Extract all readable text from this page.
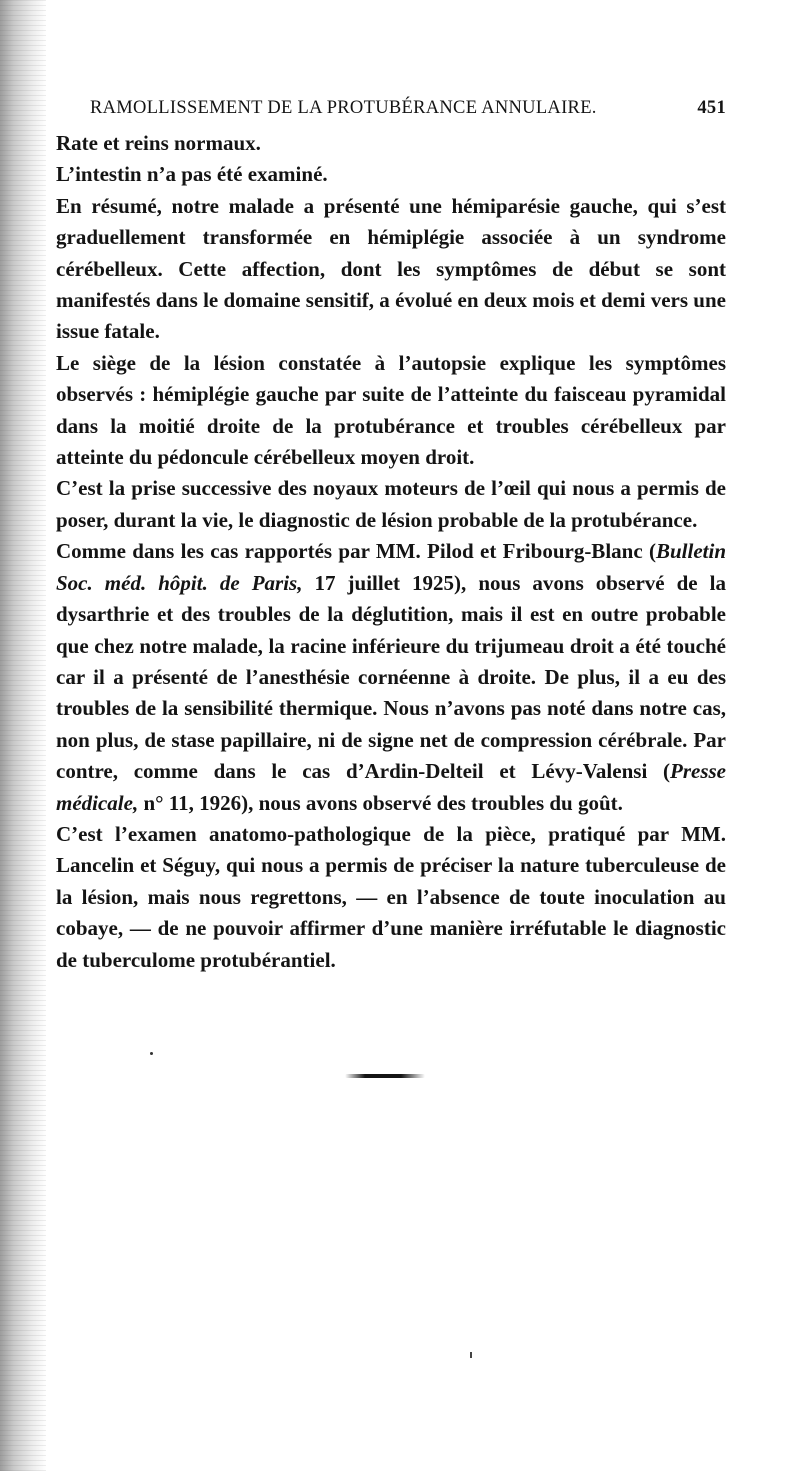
RAMOLLISSEMENT DE LA PROTUBÉRANCE ANNULAIRE.	451

Rate et reins normaux.

L’intestin n’a pas été examiné.

En résumé, notre malade a présenté une hémiparésie gauche, qui s’est graduellement transformée en hémiplégie associée à un syndrome cérébelleux. Cette affection, dont les symptômes de début se sont manifestés dans le domaine sensitif, a évolué en deux mois et demi vers une issue fatale.

Le siège de la lésion constatée à l’autopsie explique les symptômes observés : hémiplégie gauche par suite de l’atteinte du faisceau pyramidal dans la moitié droite de la protubérance et troubles cérébelleux par atteinte du pédoncule cérébelleux moyen droit.

C’est la prise successive des noyaux moteurs de l’œil qui nous a permis de poser, durant la vie, le diagnostic de lésion probable de la protubérance.

Comme dans les cas rapportés par MM. Pilod et Fribourg-Blanc (Bulletin Soc. méd. hôpit. de Paris, 17 juillet 1925), nous avons observé de la dysarthrie et des troubles de la déglutition, mais il est en outre probable que chez notre malade, la racine inférieure du trijumeau droit a été touché car il a présenté de l’anesthésie cornéenne à droite. De plus, il a eu des troubles de la sensibilité thermique. Nous n’avons pas noté dans notre cas, non plus, de stase papillaire, ni de signe net de compression cérébrale. Par contre, comme dans le cas d’Ardin-Delteil et Lévy-Valensi (Presse médicale, n° 11, 1926), nous avons observé des troubles du goût.

C’est l’examen anatomo-pathologique de la pièce, pratiqué par MM. Lancelin et Séguy, qui nous a permis de préciser la nature tuberculeuse de la lésion, mais nous regrettons, — en l’absence de toute inoculation au cobaye, — de ne pouvoir affirmer d’une manière irréfutable le diagnostic de tuberculome protubérantiel.
